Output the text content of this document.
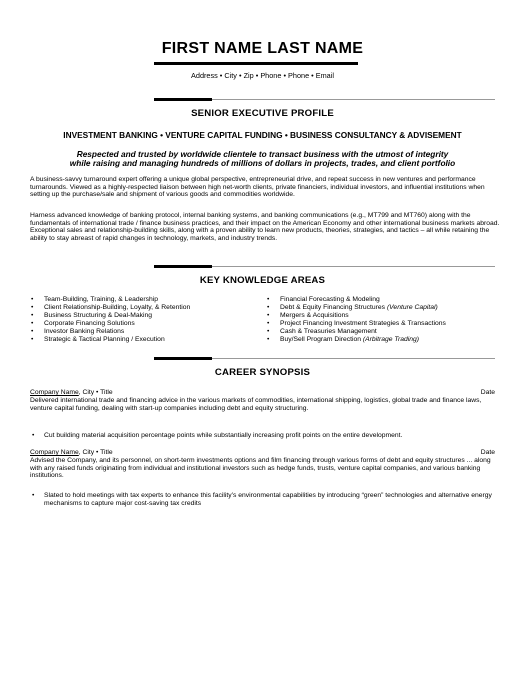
FIRST NAME LAST NAME
Address • City • Zip • Phone • Phone • Email
SENIOR EXECUTIVE PROFILE
INVESTMENT BANKING • VENTURE CAPITAL FUNDING • BUSINESS CONSULTANCY & ADVISEMENT
Respected and trusted by worldwide clientele to transact business with the utmost of integrity
while raising and managing hundreds of millions of dollars in projects, trades, and client portfolio
A business-savvy turnaround expert offering a unique global perspective, entrepreneurial drive, and repeat success in new ventures and performance turnarounds. Viewed as a highly-respected liaison between high net-worth clients, private financiers, individual investors, and influential institutions when setting up the purchase/sale and shipment of various goods and commodities worldwide.
Harness advanced knowledge of banking protocol, internal banking systems, and banking communications (e.g., MT799 and MT760) along with the fundamentals of international trade / finance business practices, and their impact on the American Economy and other international business markets abroad. Exceptional sales and relationship-building skills, along with a proven ability to learn new products, theories, strategies, and tactics – all while retaining the ability to stay abreast of rapid changes in technology, markets, and industry trends.
KEY KNOWLEDGE AREAS
• Team-Building, Training, & Leadership
• Client Relationship-Building, Loyalty, & Retention
• Business Structuring & Deal-Making
• Corporate Financing Solutions
• Investor Banking Relations
• Strategic & Tactical Planning / Execution
• Financial Forecasting & Modeling
• Debt & Equity Financing Structures (Venture Capital)
• Mergers & Acquisitions
• Project Financing Investment Strategies & Transactions
• Cash & Treasuries Management
• Buy/Sell Program Direction (Arbitrage Trading)
CAREER SYNOPSIS
Company Name, City • Title	Date
Delivered international trade and financing advice in the various markets of commodities, international shipping, logistics, global trade and finance laws, venture capital funding, dealing with start-up companies including debt and equity structuring.
•	Cut building material acquisition percentage points while substantially increasing profit points on the entire development.
Company Name, City • Title	Date
Advised the Company, and its personnel, on short-term investments options and film financing through various forms of debt and equity structures ... along with any raised funds originating from individual and institutional investors such as hedge funds, trusts, venture capital companies, and various banking institutions.
•	Slated to hold meetings with tax experts to enhance this facility’s environmental capabilities by introducing “green” technologies and alternative energy mechanisms to capture major cost-saving tax credits
